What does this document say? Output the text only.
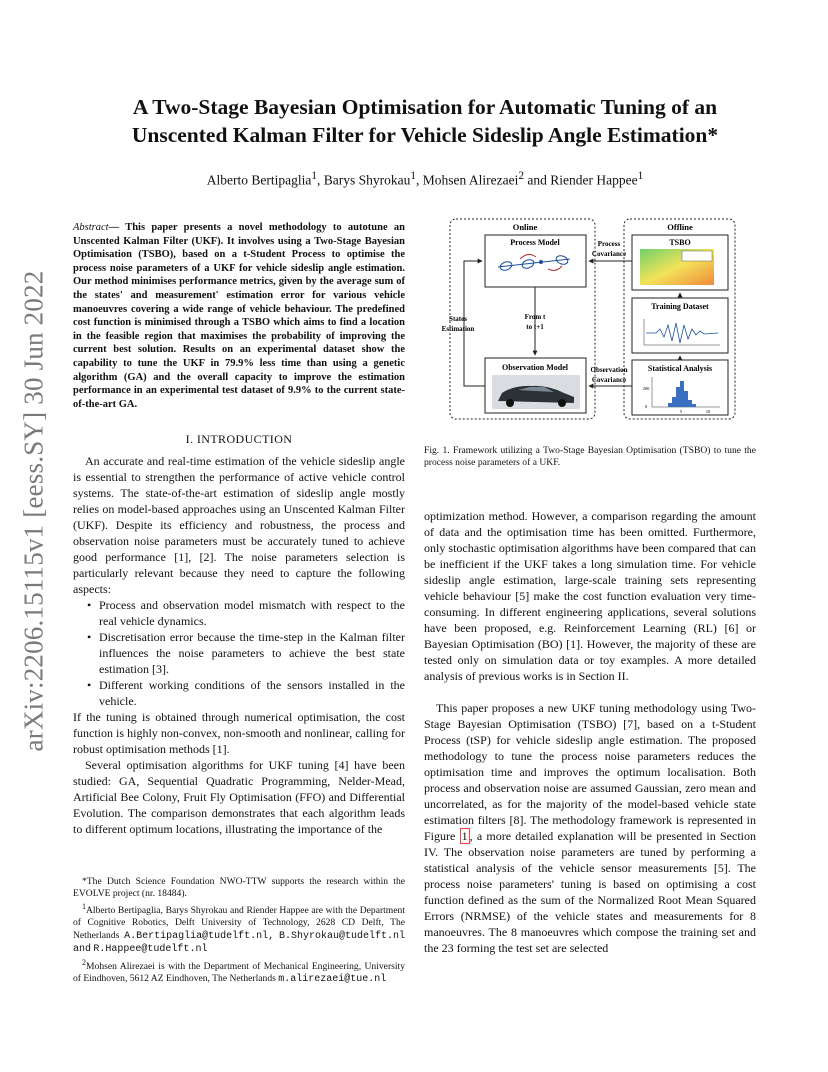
arXiv:2206.15115v1 [eess.SY] 30 Jun 2022
A Two-Stage Bayesian Optimisation for Automatic Tuning of an
Unscented Kalman Filter for Vehicle Sideslip Angle Estimation*
Alberto Bertipaglia$^1$, Barys Shyrokau$^1$, Mohsen Alirezaei$^2$ and Riender Happee$^1$
Abstract— This paper presents a novel methodology to autotune an Unscented Kalman Filter (UKF). It involves using a Two-Stage Bayesian Optimisation (TSBO), based on a t-Student Process to optimise the process noise parameters of a UKF for vehicle sideslip angle estimation. Our method minimises performance metrics, given by the average sum of the states' and measurement' estimation error for various vehicle manoeuvres covering a wide range of vehicle behaviour. The predefined cost function is minimised through a TSBO which aims to find a location in the feasible region that maximises the probability of improving the current best solution. Results on an experimental dataset show the capability to tune the UKF in 79.9% less time than using a genetic algorithm (GA) and the overall capacity to improve the estimation performance in an experimental test dataset of 9.9% to the current state-of-the-art GA.
I. INTRODUCTION

An accurate and real-time estimation of the vehicle sideslip angle is essential to strengthen the performance of active vehicle control systems. The state-of-the-art estimation of sideslip angle mostly relies on model-based approaches using an Unscented Kalman Filter (UKF). Despite its efficiency and robustness, the process and observation noise parameters must be accurately tuned to achieve good performance [1], [2]. The noise parameters selection is particularly relevant because they need to capture the following aspects:

• Process and observation model mismatch with respect to the real vehicle dynamics.
• Discretisation error because the time-step in the Kalman filter influences the noise parameters to achieve the best state estimation [3].
• Different working conditions of the sensors installed in the vehicle.

If the tuning is obtained through numerical optimisation, the cost function is highly non-convex, non-smooth and nonlinear, calling for robust optimisation methods [1].

Several optimisation algorithms for UKF tuning [4] have been studied: GA, Sequential Quadratic Programming, Nelder-Mead, Artificial Bee Colony, Fruit Fly Optimisation (FFO) and Differential Evolution. The comparison demonstrates that each algorithm leads to different optimum locations, illustrating the importance of the

*The Dutch Science Foundation NWO-TTW supports the research within the EVOLVE project (nr. 18484).

$^1$Alberto Bertipaglia, Barys Shyrokau and Riender Happee are with the Department of Cognitive Robotics, Delft University of Technology, 2628 CD Delft, The Netherlands A.Bertipaglia@tudelft.nl, B.Shyrokau@tudelft.nl and R.Happee@tudelft.nl

$^2$Mohsen Alirezaei is with the Department of Mechanical Engineering, University of Eindhoven, 5612 AZ Eindhoven, The Netherlands m.alirezaei@tue.nl

Online	Offline
Process Model
Observation Model
States
Estimation
From t
to t+1
TSBO
Training Dataset
Statistical Analysis
200
0
5	10
Process
Covariance
Observation
Covariance
Fig. 1. Framework utilizing a Two-Stage Bayesian Optimisation (TSBO) to tune the process noise parameters of a UKF.

optimization method. However, a comparison regarding the amount of data and the optimisation time has been omitted. Furthermore, only stochastic optimisation algorithms have been compared that can be inefficient if the UKF takes a long simulation time. For vehicle sideslip angle estimation, large-scale training sets representing vehicle behaviour [5] make the cost function evaluation very time-consuming. In different engineering applications, several solutions have been proposed, e.g. Reinforcement Learning (RL) [6] or Bayesian Optimisation (BO) [1]. However, the majority of these are tested only on simulation data or toy examples. A more detailed analysis of previous works is in Section II.

This paper proposes a new UKF tuning methodology using Two-Stage Bayesian Optimisation (TSBO) [7], based on a t-Student Process (tSP) for vehicle sideslip angle estimation. The proposed methodology to tune the process noise parameters reduces the optimisation time and improves the optimum localisation. Both process and observation noise are assumed Gaussian, zero mean and uncorrelated, as for the majority of the model-based vehicle state estimation filters [8]. The methodology framework is represented in Figure 1 , a more detailed explanation will be presented in Section IV. The observation noise parameters are tuned by performing a statistical analysis of the vehicle sensor measurements [5]. The process noise parameters' tuning is based on optimising a cost function defined as the sum of the Normalized Root Mean Squared Errors (NRMSE) of the vehicle states and measurements for 8 manoeuvres. The 8 manoeuvres which compose the training set and the 23 forming the test set are selected
